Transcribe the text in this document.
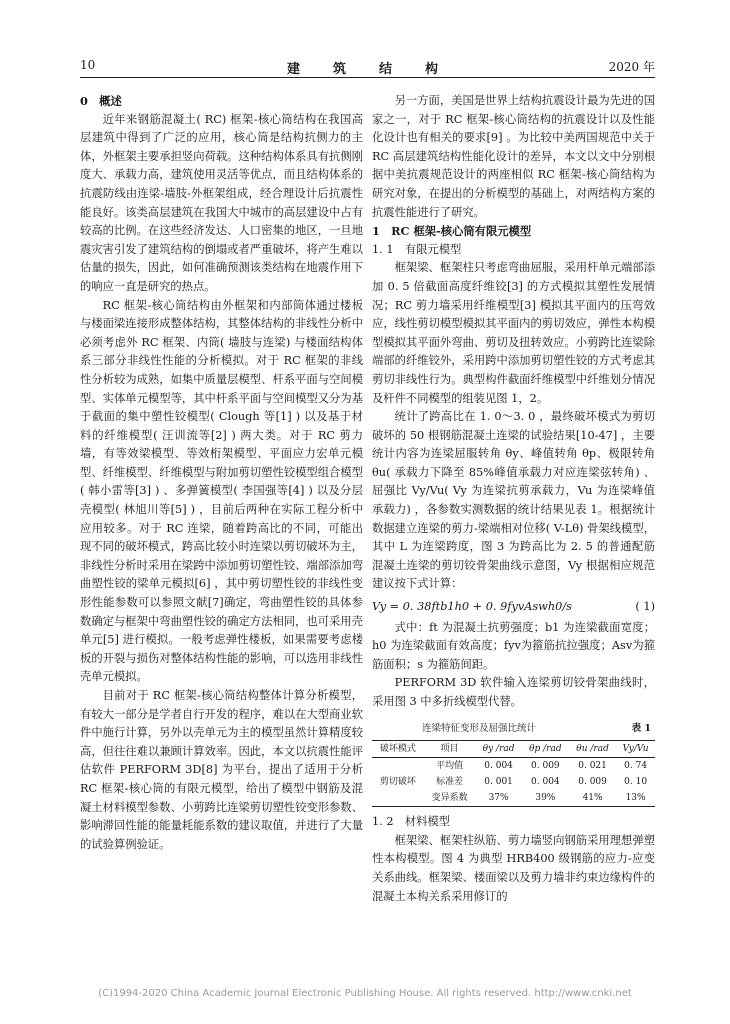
10	建　筑　结　构	2020 年
0　概述

近年来钢筋混凝土( RC) 框架-核心筒结构在我国高层建筑中得到了广泛的应用，核心筒是结构抗侧力的主体，外框架主要承担竖向荷载。这种结构体系具有抗侧刚度大、承载力高，建筑使用灵活等优点，而且结构体系的抗震防线由连梁-墙肢-外框架组成，经合理设计后抗震性能良好。该类高层建筑在我国大中城市的高层建设中占有较高的比例。在这些经济发达、人口密集的地区，一旦地震灾害引发了建筑结构的倒塌或者严重破坏，将产生难以估量的损失，因此，如何准确预测该类结构在地震作用下的响应一直是研究的热点。

RC 框架-核心筒结构由外框架和内部筒体通过楼板与楼面梁连接形成整体结构，其整体结构的非线性分析中必须考虑外 RC 框架、内筒( 墙肢与连梁) 与楼面结构体系三部分非线性性能的分析模拟。对于 RC 框架的非线性分析较为成熟，如集中质量层模型、杆系平面与空间模型、实体单元模型等，其中杆系平面与空间模型又分为基于截面的集中塑性铰模型( Clough 等[1] ) 以及基于材料的纤维模型( 汪训流等[2] ) 两大类。对于 RC 剪力墙，有等效梁模型、等效桁架模型、平面应力宏单元模型、纤维模型、纤维模型与附加剪切塑性铰模型组合模型( 韩小雷等[3] ) 、多弹簧模型( 李国强等[4] ) 以及分层壳模型( 林旭川等[5] ) ，目前后两种在实际工程分析中应用较多。对于 RC 连梁，随着跨高比的不同，可能出现不同的破坏模式，跨高比较小时连梁以剪切破坏为主，非线性分析时采用在梁跨中添加剪切塑性铰、端部添加弯曲塑性铰的梁单元模拟[6] ，其中剪切塑性铰的非线性变形性能参数可以参照文献[7]确定，弯曲塑性铰的具体参数确定与框架中弯曲塑性铰的确定方法相同，也可采用壳单元[5] 进行模拟。一般考虑弹性楼板，如果需要考虑楼板的开裂与损伤对整体结构性能的影响，可以选用非线性壳单元模拟。

目前对于 RC 框架-核心筒结构整体计算分析模型，有较大一部分是学者自行开发的程序，难以在大型商业软件中施行计算，另外以壳单元为主的模型虽然计算精度较高，但往往难以兼顾计算效率。因此，本文以抗震性能评估软件 PERFORM 3D[8] 为平台，提出了适用于分析 RC 框架-核心筒的有限元模型，给出了模型中钢筋及混凝土材料模型参数、小剪跨比连梁剪切塑性铰变形参数、影响滞回性能的能量耗能系数的建议取值，并进行了大量的试验算例验证。

另一方面，美国是世界上结构抗震设计最为先进的国家之一，对于 RC 框架-核心筒结构的抗震设计以及性能化设计也有相关的要求[9] 。为比较中美两国规范中关于 RC 高层建筑结构性能化设计的差异，本文以文中分别根据中美抗震规范设计的两座相似 RC 框架-核心筒结构为研究对象，在提出的分析模型的基础上，对两结构方案的抗震性能进行了研究。

1　RC 框架-核心筒有限元模型
1. 1　有限元模型

框架梁、框架柱只考虑弯曲屈服，采用杆单元端部添加 0. 5 倍截面高度纤维铰[3] 的方式模拟其塑性发展情况；RC 剪力墙采用纤维模型[3] 模拟其平面内的压弯效应，线性剪切模型模拟其平面内的剪切效应，弹性本构模型模拟其平面外弯曲、剪切及扭转效应。小剪跨比连梁除端部的纤维铰外，采用跨中添加剪切塑性铰的方式考虑其剪切非线性行为。典型构件截面纤维模型中纤维划分情况及杆件不同模型的组装见图 1，2。

统计了跨高比在 1. 0～3. 0 ，最终破坏模式为剪切破坏的 50 根钢筋混凝土连梁的试验结果[10-47] ，主要统计内容为连梁屈服转角 θy、峰值转角 θp、极限转角 θu( 承载力下降至 85%峰值承载力对应连梁弦转角) 、屈强比 Vy/Vu( Vy 为连梁抗剪承载力，Vu 为连梁峰值承载力) ，各参数实测数据的统计结果见表 1。根据统计数据建立连梁的剪力-梁端相对位移( V-Lθ) 骨架线模型，其中 L 为连梁跨度，图 3 为跨高比为 2. 5 的普通配筋混凝土连梁的剪切铰骨架曲线示意图，Vy 根据相应规范建议按下式计算：

Vy = 0. 38ftb1h0 + 0. 9fyvAswh0/s	( 1)

式中：ft 为混凝土抗剪强度；b1 为连梁截面宽度；h0 为连梁截面有效高度；fyv为箍筋抗拉强度；Asv为箍筋面积；s 为箍筋间距。

PERFORM 3D 软件输入连梁剪切铰骨架曲线时，采用图 3 中多折线模型代替。

连梁特征变形及屈强比统计	表 1
破坏模式	项目	θy /rad	θp /rad	θu /rad	Vy/Vu
剪切破坏	平均值	0. 004	0. 009	0. 021	0. 74
	标准差	0. 001	0. 004	0. 009	0. 10
	变异系数	37%	39%	41%	13%
1. 2　材料模型

框架梁、框架柱纵筋、剪力墙竖向钢筋采用理想弹塑性本构模型。图 4 为典型 HRB400 级钢筋的应力-应变关系曲线。框架梁、楼面梁以及剪力墙非约束边缘构件的混凝土本构关系采用修订的

(C)1994-2020 China Academic Journal Electronic Publishing House. All rights reserved. http://www.cnki.net
